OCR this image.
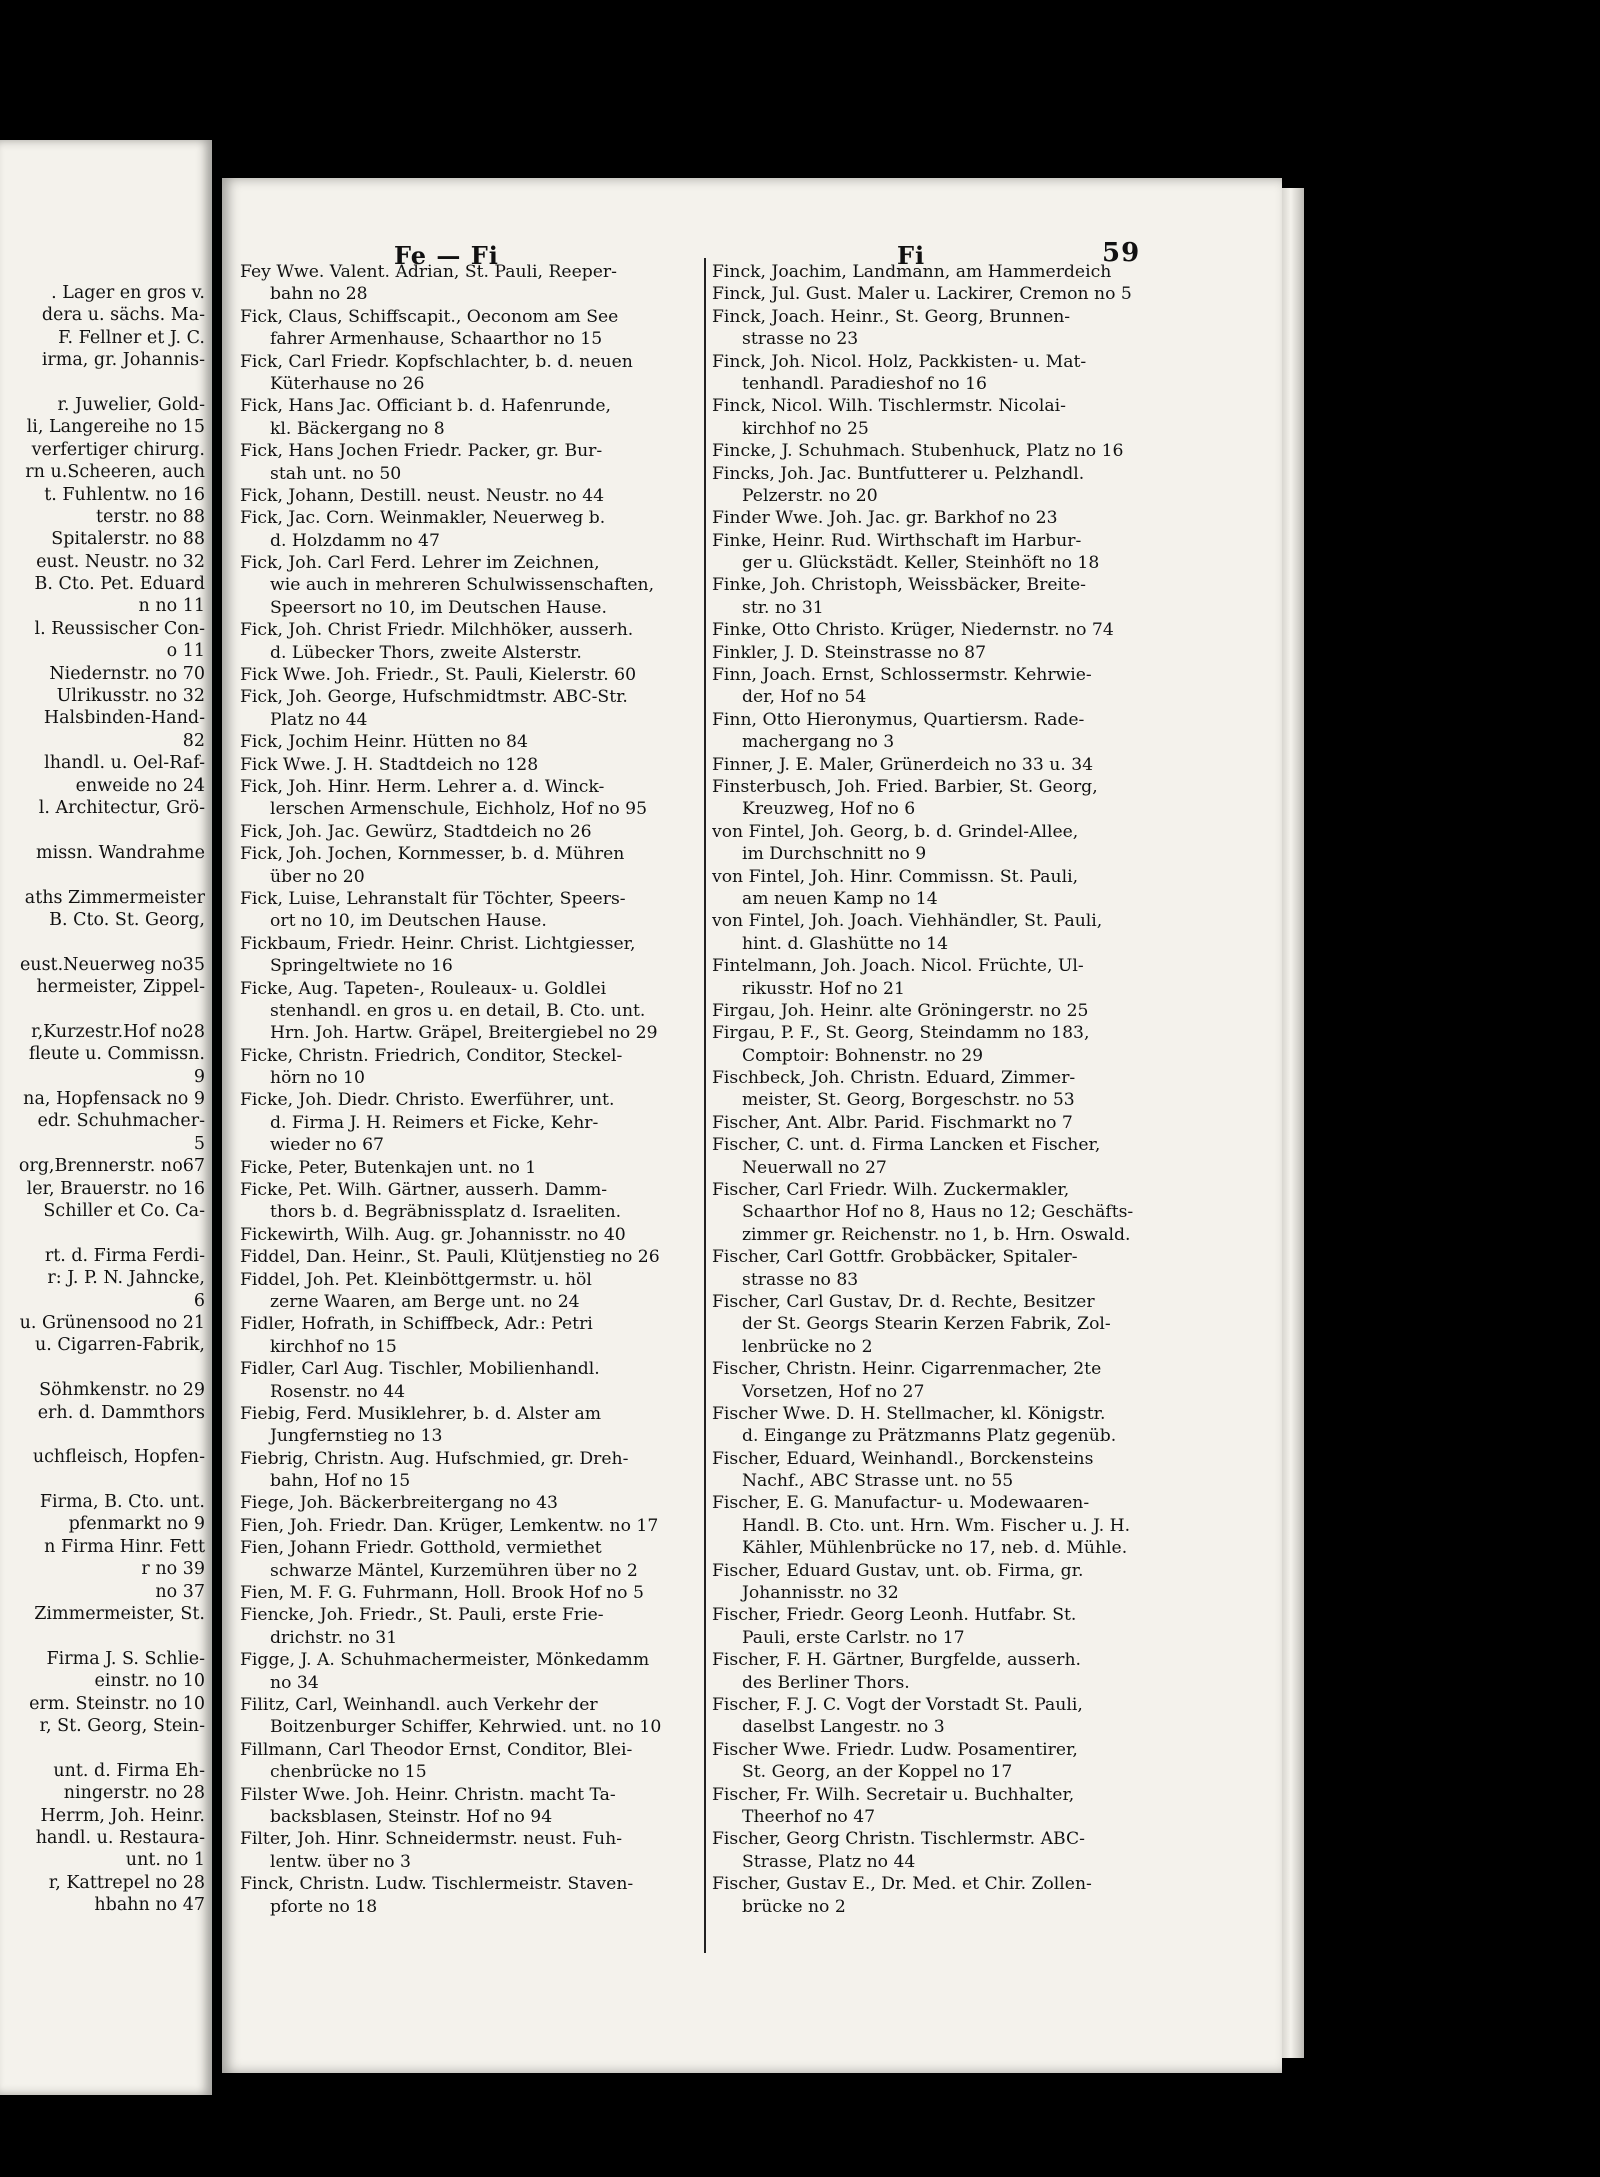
. Lager en gros v.
dera u. sächs. Ma-
F. Fellner et J. C.
irma, gr. Johannis-
r. Juwelier, Gold-
li, Langereihe no 15
verfertiger chirurg.
rn u.Scheeren, auch
t. Fuhlentw. no 16
terstr. no 88
Spitalerstr. no 88
eust. Neustr. no 32
B. Cto. Pet. Eduard
n no 11
l. Reussischer Con-
o 11
Niedernstr. no 70
Ulrikusstr. no 32
Halsbinden-Hand-
82
lhandl. u. Oel-Raf-
enweide no 24
l. Architectur, Grö-
missn. Wandrahme
aths Zimmermeister
B. Cto. St. Georg,
eust.Neuerweg no35
hermeister, Zippel-
r,Kurzestr.Hof no28
fleute u. Commissn.
9
na, Hopfensack no 9
edr. Schuhmacher-
5
org,Brennerstr. no67
ler, Brauerstr. no 16
Schiller et Co. Ca-
rt. d. Firma Ferdi-
r: J. P. N. Jahncke,
6
u. Grünensood no 21
u. Cigarren-Fabrik,
Söhmkenstr. no 29
erh. d. Dammthors
uchfleisch, Hopfen-
Firma, B. Cto. unt.
pfenmarkt no 9
n Firma Hinr. Fett
r no 39
no 37
Zimmermeister, St.
Firma J. S. Schlie-
einstr. no 10
erm. Steinstr. no 10
r, St. Georg, Stein-
unt. d. Firma Eh-
ningerstr. no 28
Herrm, Joh. Heinr.
handl. u. Restaura-
unt. no 1
r, Kattrepel no 28
hbahn no 47
Fe — Fi	Fi	59
Fey Wwe. Valent. Adrian, St. Pauli, Reeper-
bahn no 28
Fick, Claus, Schiffscapit., Oeconom am See
fahrer Armenhause, Schaarthor no 15
Fick, Carl Friedr. Kopfschlachter, b. d. neuen
Küterhause no 26
Fick, Hans Jac. Officiant b. d. Hafenrunde,
kl. Bäckergang no 8
Fick, Hans Jochen Friedr. Packer, gr. Bur-
stah unt. no 50
Fick, Johann, Destill. neust. Neustr. no 44
Fick, Jac. Corn. Weinmakler, Neuerweg b.
d. Holzdamm no 47
Fick, Joh. Carl Ferd. Lehrer im Zeichnen,
wie auch in mehreren Schulwissenschaften,
Speersort no 10, im Deutschen Hause.
Fick, Joh. Christ Friedr. Milchhöker, ausserh.
d. Lübecker Thors, zweite Alsterstr.
Fick Wwe. Joh. Friedr., St. Pauli, Kielerstr. 60
Fick, Joh. George, Hufschmidtmstr. ABC-Str.
Platz no 44
Fick, Jochim Heinr. Hütten no 84
Fick Wwe. J. H. Stadtdeich no 128
Fick, Joh. Hinr. Herm. Lehrer a. d. Winck-
lerschen Armenschule, Eichholz, Hof no 95
Fick, Joh. Jac. Gewürz, Stadtdeich no 26
Fick, Joh. Jochen, Kornmesser, b. d. Mühren
über no 20
Fick, Luise, Lehranstalt für Töchter, Speers-
ort no 10, im Deutschen Hause.
Fickbaum, Friedr. Heinr. Christ. Lichtgiesser,
Springeltwiete no 16
Ficke, Aug. Tapeten-, Rouleaux- u. Goldlei
stenhandl. en gros u. en detail, B. Cto. unt.
Hrn. Joh. Hartw. Gräpel, Breitergiebel no 29
Ficke, Christn. Friedrich, Conditor, Steckel-
hörn no 10
Ficke, Joh. Diedr. Christo. Ewerführer, unt.
d. Firma J. H. Reimers et Ficke, Kehr-
wieder no 67
Ficke, Peter, Butenkajen unt. no 1
Ficke, Pet. Wilh. Gärtner, ausserh. Damm-
thors b. d. Begräbnissplatz d. Israeliten.
Fickewirth, Wilh. Aug. gr. Johannisstr. no 40
Fiddel, Dan. Heinr., St. Pauli, Klütjenstieg no 26
Fiddel, Joh. Pet. Kleinböttgermstr. u. höl
zerne Waaren, am Berge unt. no 24
Fidler, Hofrath, in Schiffbeck, Adr.: Petri
kirchhof no 15
Fidler, Carl Aug. Tischler, Mobilienhandl.
Rosenstr. no 44
Fiebig, Ferd. Musiklehrer, b. d. Alster am
Jungfernstieg no 13
Fiebrig, Christn. Aug. Hufschmied, gr. Dreh-
bahn, Hof no 15
Fiege, Joh. Bäckerbreitergang no 43
Fien, Joh. Friedr. Dan. Krüger, Lemkentw. no 17
Fien, Johann Friedr. Gotthold, vermiethet
schwarze Mäntel, Kurzemühren über no 2
Fien, M. F. G. Fuhrmann, Holl. Brook Hof no 5
Fiencke, Joh. Friedr., St. Pauli, erste Frie-
drichstr. no 31
Figge, J. A. Schuhmachermeister, Mönkedamm
no 34
Filitz, Carl, Weinhandl. auch Verkehr der
Boitzenburger Schiffer, Kehrwied. unt. no 10
Fillmann, Carl Theodor Ernst, Conditor, Blei-
chenbrücke no 15
Filster Wwe. Joh. Heinr. Christn. macht Ta-
backsblasen, Steinstr. Hof no 94
Filter, Joh. Hinr. Schneidermstr. neust. Fuh-
lentw. über no 3
Finck, Christn. Ludw. Tischlermeistr. Staven-
pforte no 18
Finck, Joachim, Landmann, am Hammerdeich
Finck, Jul. Gust. Maler u. Lackirer, Cremon no 5
Finck, Joach. Heinr., St. Georg, Brunnen-
strasse no 23
Finck, Joh. Nicol. Holz, Packkisten- u. Mat-
tenhandl. Paradieshof no 16
Finck, Nicol. Wilh. Tischlermstr. Nicolai-
kirchhof no 25
Fincke, J. Schuhmach. Stubenhuck, Platz no 16
Fincks, Joh. Jac. Buntfutterer u. Pelzhandl.
Pelzerstr. no 20
Finder Wwe. Joh. Jac. gr. Barkhof no 23
Finke, Heinr. Rud. Wirthschaft im Harbur-
ger u. Glückstädt. Keller, Steinhöft no 18
Finke, Joh. Christoph, Weissbäcker, Breite-
str. no 31
Finke, Otto Christo. Krüger, Niedernstr. no 74
Finkler, J. D. Steinstrasse no 87
Finn, Joach. Ernst, Schlossermstr. Kehrwie-
der, Hof no 54
Finn, Otto Hieronymus, Quartiersm. Rade-
machergang no 3
Finner, J. E. Maler, Grünerdeich no 33 u. 34
Finsterbusch, Joh. Fried. Barbier, St. Georg,
Kreuzweg, Hof no 6
von Fintel, Joh. Georg, b. d. Grindel-Allee,
im Durchschnitt no 9
von Fintel, Joh. Hinr. Commissn. St. Pauli,
am neuen Kamp no 14
von Fintel, Joh. Joach. Viehhändler, St. Pauli,
hint. d. Glashütte no 14
Fintelmann, Joh. Joach. Nicol. Früchte, Ul-
rikusstr. Hof no 21
Firgau, Joh. Heinr. alte Gröningerstr. no 25
Firgau, P. F., St. Georg, Steindamm no 183,
Comptoir: Bohnenstr. no 29
Fischbeck, Joh. Christn. Eduard, Zimmer-
meister, St. Georg, Borgeschstr. no 53
Fischer, Ant. Albr. Parid. Fischmarkt no 7
Fischer, C. unt. d. Firma Lancken et Fischer,
Neuerwall no 27
Fischer, Carl Friedr. Wilh. Zuckermakler,
Schaarthor Hof no 8, Haus no 12; Geschäfts-
zimmer gr. Reichenstr. no 1, b. Hrn. Oswald.
Fischer, Carl Gottfr. Grobbäcker, Spitaler-
strasse no 83
Fischer, Carl Gustav, Dr. d. Rechte, Besitzer
der St. Georgs Stearin Kerzen Fabrik, Zol-
lenbrücke no 2
Fischer, Christn. Heinr. Cigarrenmacher, 2te
Vorsetzen, Hof no 27
Fischer Wwe. D. H. Stellmacher, kl. Königstr.
d. Eingange zu Prätzmanns Platz gegenüb.
Fischer, Eduard, Weinhandl., Borckensteins
Nachf., ABC Strasse unt. no 55
Fischer, E. G. Manufactur- u. Modewaaren-
Handl. B. Cto. unt. Hrn. Wm. Fischer u. J. H.
Kähler, Mühlenbrücke no 17, neb. d. Mühle.
Fischer, Eduard Gustav, unt. ob. Firma, gr.
Johannisstr. no 32
Fischer, Friedr. Georg Leonh. Hutfabr. St.
Pauli, erste Carlstr. no 17
Fischer, F. H. Gärtner, Burgfelde, ausserh.
des Berliner Thors.
Fischer, F. J. C. Vogt der Vorstadt St. Pauli,
daselbst Langestr. no 3
Fischer Wwe. Friedr. Ludw. Posamentirer,
St. Georg, an der Koppel no 17
Fischer, Fr. Wilh. Secretair u. Buchhalter,
Theerhof no 47
Fischer, Georg Christn. Tischlermstr. ABC-
Strasse, Platz no 44
Fischer, Gustav E., Dr. Med. et Chir. Zollen-
brücke no 2
